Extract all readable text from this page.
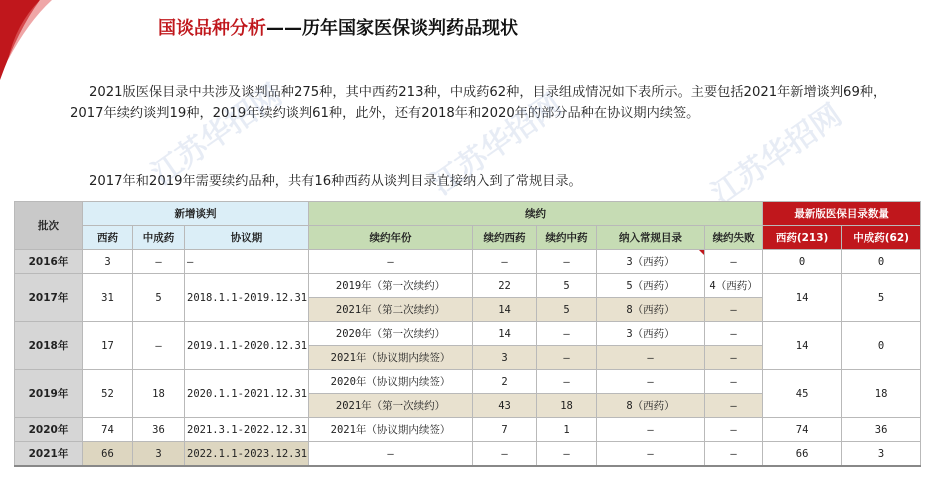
国谈品种分析——历年国家医保谈判药品现状
2021版医保目录中共涉及谈判品种275种，其中西药213种，中成药62种，目录组成情况如下表所示。主要包括2021年新增谈判69种，2017年续约谈判19种，2019年续约谈判61种，此外，还有2018年和2020年的部分品种在协议期内续签。
2017年和2019年需要续约品种，共有16种西药从谈判目录直接纳入到了常规目录。
江苏华招网	江苏华招网	江苏华招网
批次	新增谈判			续约					最新版医保目录数量	
	西药	中成药	协议期	续约年份	续约西药	续约中药	纳入常规目录	续约失败	西药(213)	中成药(62)
2016年	3	–	–	–	–	–	3（西药）	–	0	0
2017年	31	5	2018.1.1-2019.12.31	2019年（第一次续约）	22	5	5（西药）	4（西药）	14	5
				2021年（第二次续约）	14	5	8（西药）	–		
2018年	17	–	2019.1.1-2020.12.31	2020年（第一次续约）	14	–	3（西药）	–	14	0
				2021年（协议期内续签）	3	–	–	–		
2019年	52	18	2020.1.1-2021.12.31	2020年（协议期内续签）	2	–	–	–	45	18
				2021年（第一次续约）	43	18	8（西药）	–		
2020年	74	36	2021.3.1-2022.12.31	2021年（协议期内续签）	7	1	–	–	74	36
2021年	66	3	2022.1.1-2023.12.31	–	–	–	–	–	66	3
